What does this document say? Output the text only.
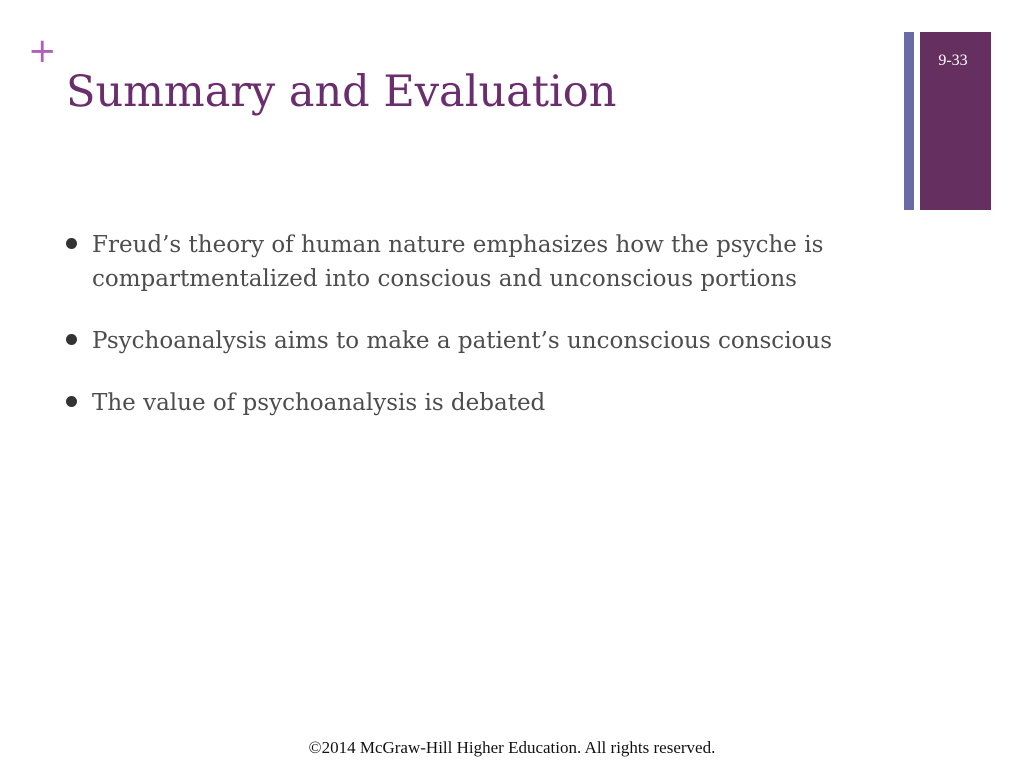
+
Summary and Evaluation
9-33
Freud’s theory of human nature emphasizes how the psyche is compartmentalized into conscious and unconscious portions
Psychoanalysis aims to make a patient’s unconscious conscious
The value of psychoanalysis is debated
©2014 McGraw-Hill Higher Education. All rights reserved.
